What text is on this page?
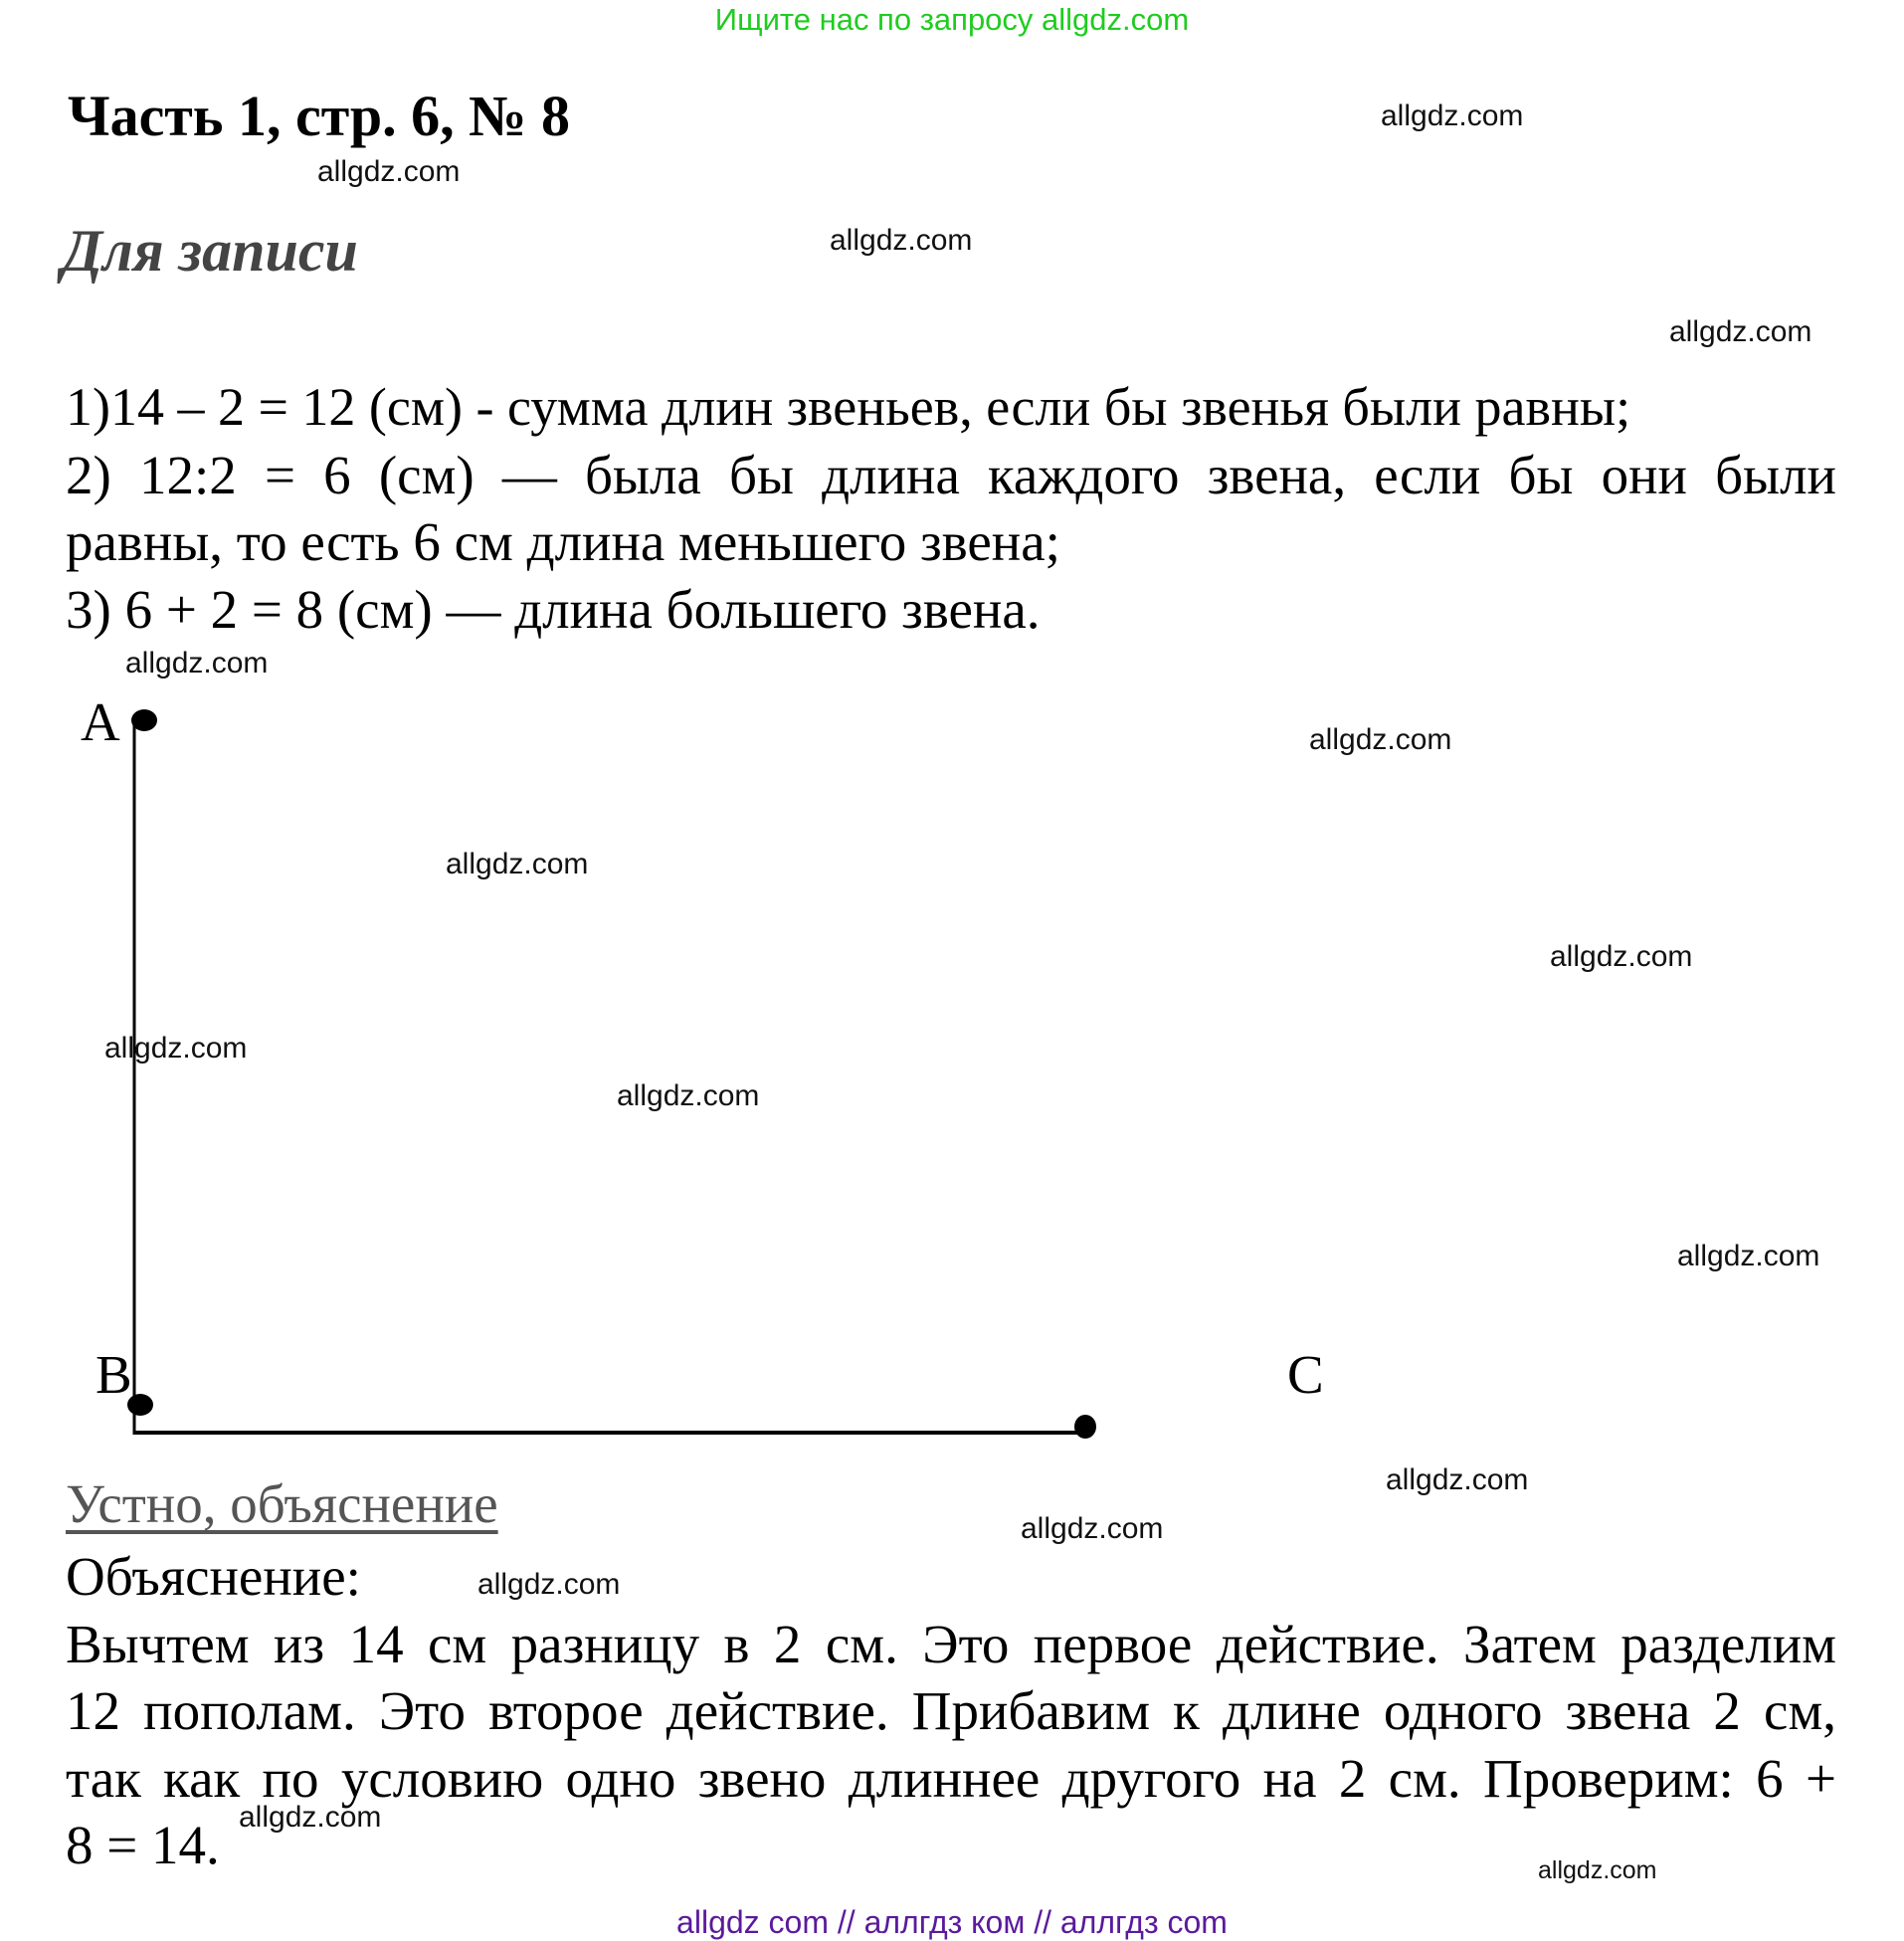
Ищите нас по запросу allgdz.com
Часть 1, стр. 6, № 8
Для записи
1)14 – 2 = 12 (см) - сумма длин звеньев, если бы звенья были равны;
2) 12:2 = 6 (см) — была бы длина каждого звена, если бы они были
равны, то есть 6 см длина меньшего звена;
3) 6 + 2 = 8 (см) — длина большего звена.
A
B	C
Устно, объяснение
Объяснение:
Вычтем из 14 см разницу в 2 см. Это первое действие. Затем разделим
12 пополам. Это второе действие. Прибавим к длине одного звена 2 см,
так как по условию одно звено длиннее другого на 2 см. Проверим: 6 +
8 = 14.
allgdz.com
allgdz.com
allgdz.com
allgdz.com
allgdz.com
allgdz.com
allgdz.com
allgdz.com
allgdz.com
allgdz.com
allgdz.com
allgdz.com
allgdz.com
allgdz.com
allgdz.com
allgdz.com
allgdz com // аллгдз ком // аллгдз com
